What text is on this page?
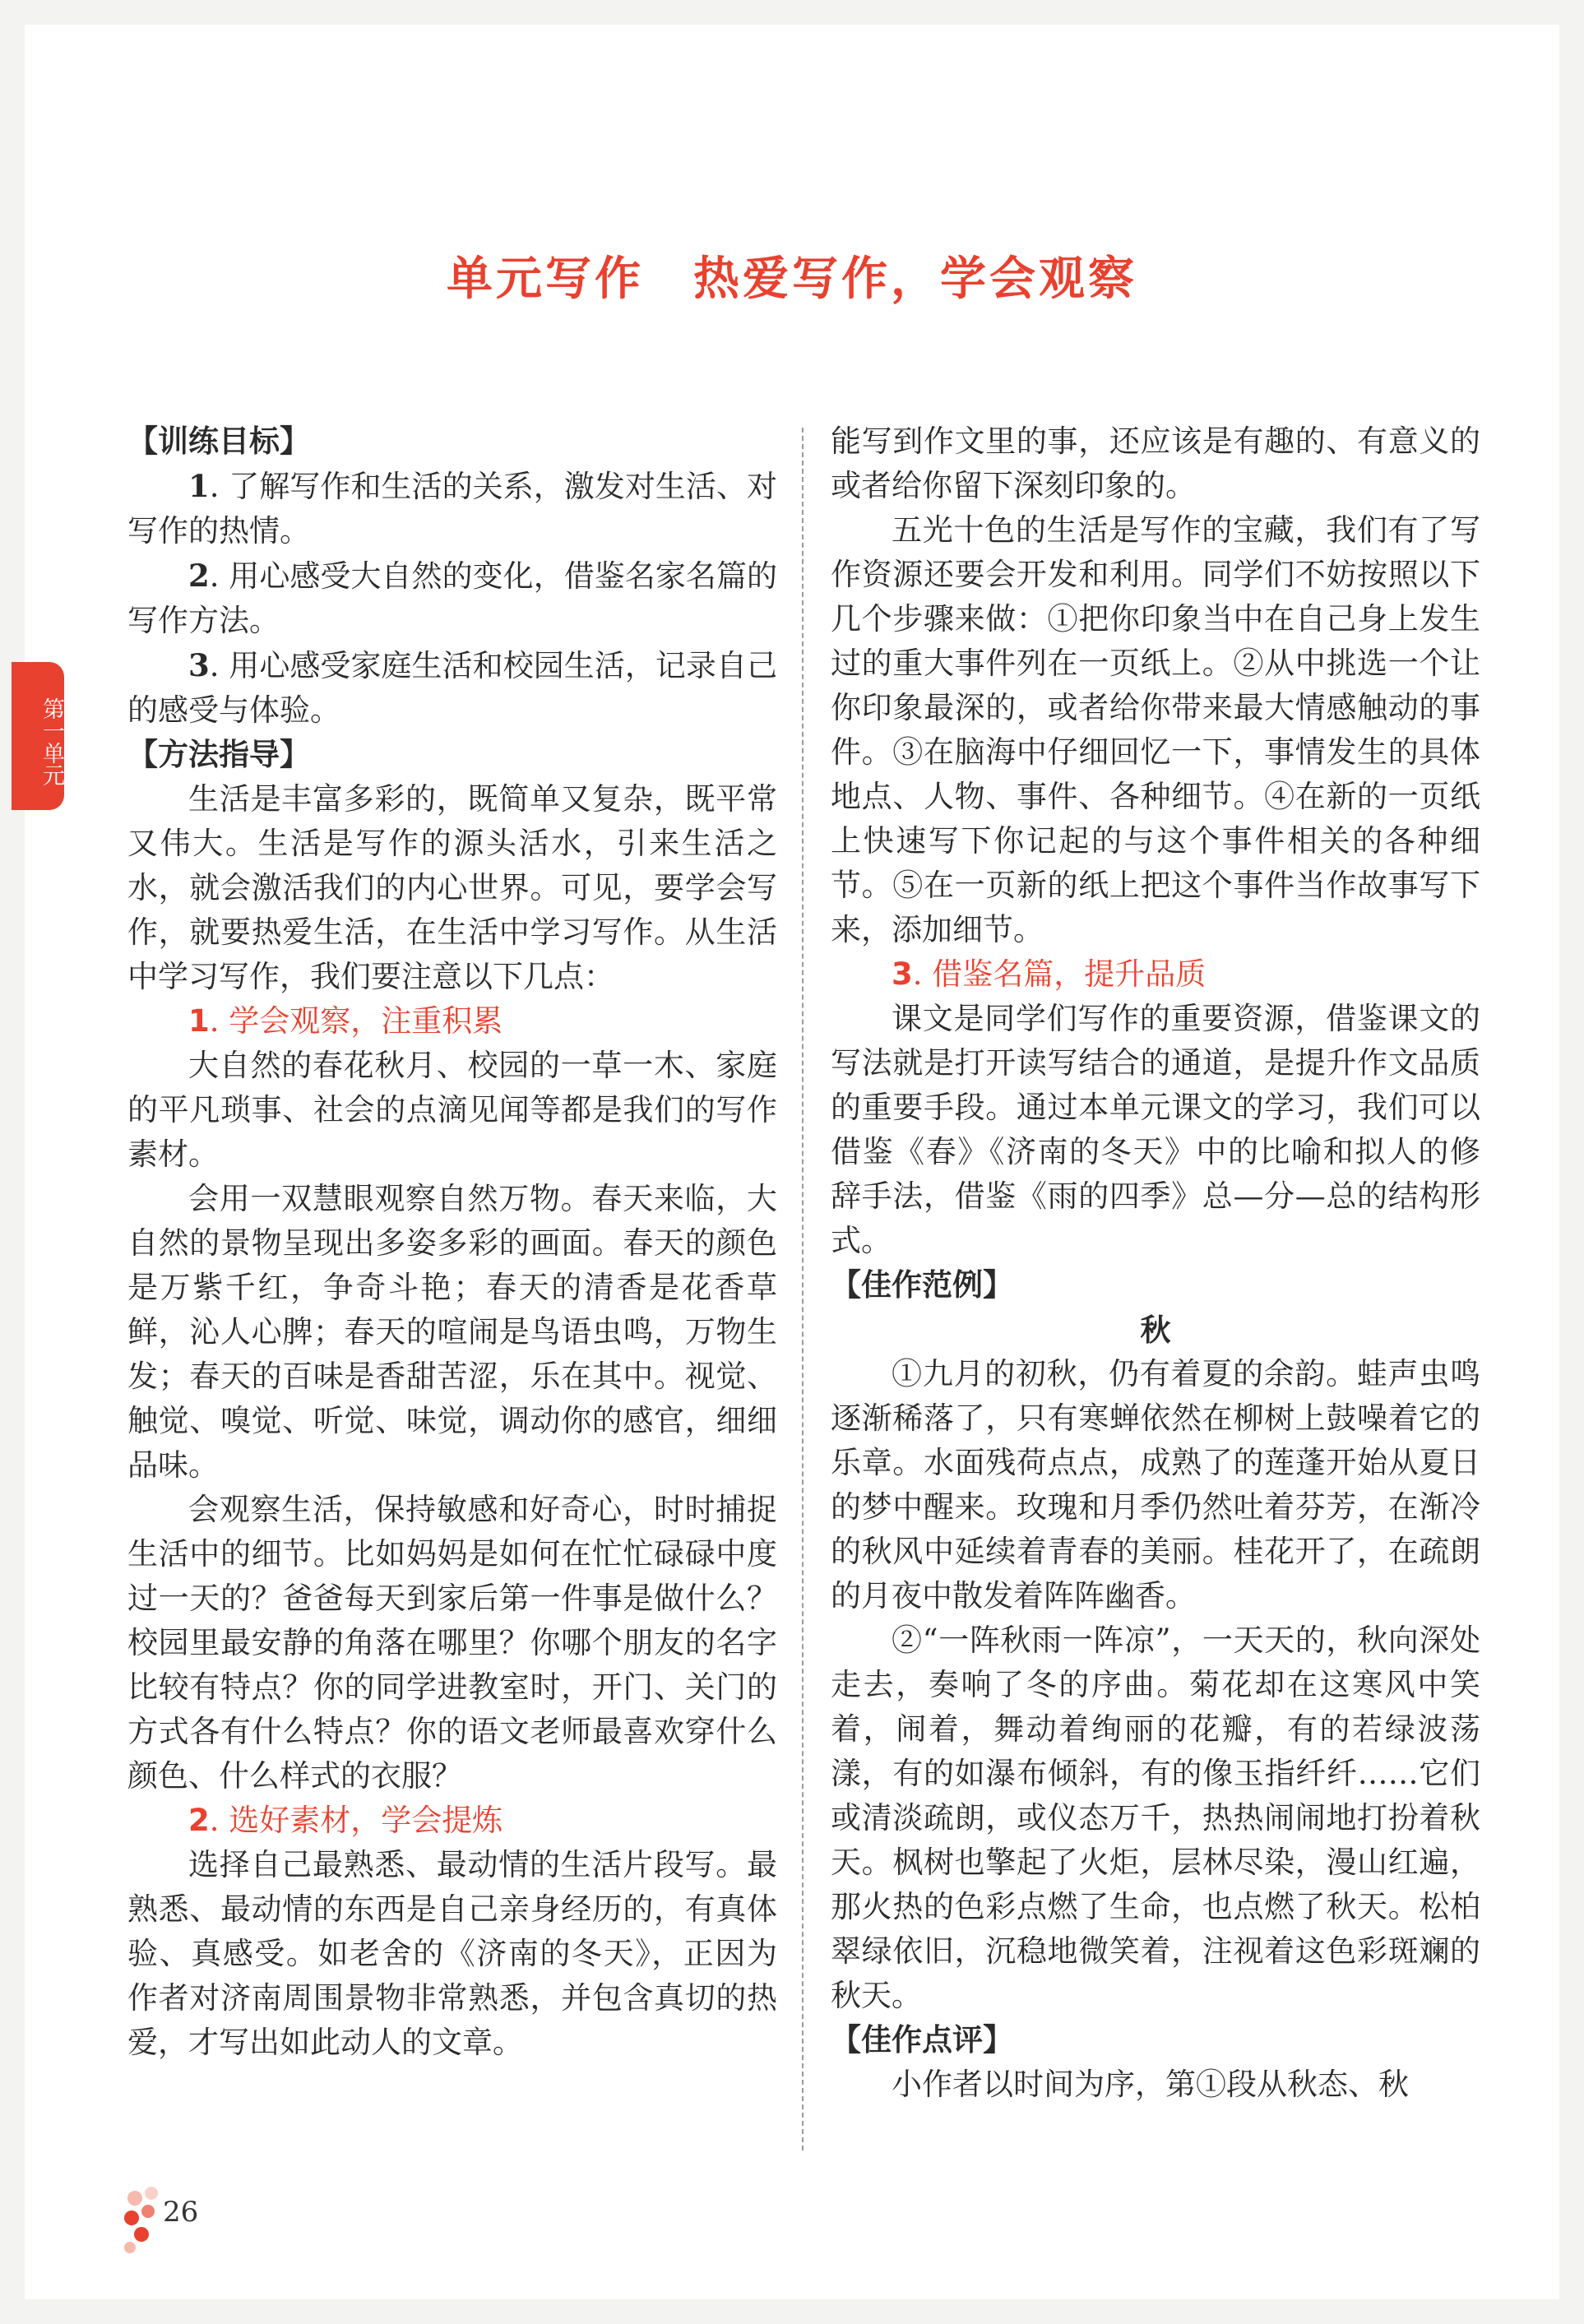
单元写作　热爱写作，学会观察
第一单元

【训练目标】

1. 了解写作和生活的关系，激发对生活、对写作的热情。

2. 用心感受大自然的变化，借鉴名家名篇的写作方法。

3. 用心感受家庭生活和校园生活，记录自己的感受与体验。

【方法指导】

生活是丰富多彩的，既简单又复杂，既平常又伟大。生活是写作的源头活水，引来生活之水，就会激活我们的内心世界。可见，要学会写作，就要热爱生活，在生活中学习写作。从生活中学习写作，我们要注意以下几点：

1. 学会观察，注重积累

大自然的春花秋月、校园的一草一木、家庭的平凡琐事、社会的点滴见闻等都是我们的写作素材。

会用一双慧眼观察自然万物。春天来临，大自然的景物呈现出多姿多彩的画面。春天的颜色是万紫千红，争奇斗艳；春天的清香是花香草鲜，沁人心脾；春天的喧闹是鸟语虫鸣，万物生发；春天的百味是香甜苦涩，乐在其中。视觉、触觉、嗅觉、听觉、味觉，调动你的感官，细细品味。

会观察生活，保持敏感和好奇心，时时捕捉生活中的细节。比如妈妈是如何在忙忙碌碌中度过一天的？爸爸每天到家后第一件事是做什么？校园里最安静的角落在哪里？你哪个朋友的名字比较有特点？你的同学进教室时，开门、关门的方式各有什么特点？你的语文老师最喜欢穿什么颜色、什么样式的衣服？

2. 选好素材，学会提炼

选择自己最熟悉、最动情的生活片段写。最熟悉、最动情的东西是自己亲身经历的，有真体验、真感受。如老舍的《济南的冬天》，正因为作者对济南周围景物非常熟悉，并包含真切的热爱，才写出如此动人的文章。

能写到作文里的事，还应该是有趣的、有意义的或者给你留下深刻印象的。

五光十色的生活是写作的宝藏，我们有了写作资源还要会开发和利用。同学们不妨按照以下几个步骤来做：①把你印象当中在自己身上发生过的重大事件列在一页纸上。②从中挑选一个让你印象最深的，或者给你带来最大情感触动的事件。③在脑海中仔细回忆一下，事情发生的具体地点、人物、事件、各种细节。④在新的一页纸上快速写下你记起的与这个事件相关的各种细节。⑤在一页新的纸上把这个事件当作故事写下来，添加细节。

3. 借鉴名篇，提升品质

课文是同学们写作的重要资源，借鉴课文的写法就是打开读写结合的通道，是提升作文品质的重要手段。通过本单元课文的学习，我们可以借鉴《春》《济南的冬天》中的比喻和拟人的修辞手法，借鉴《雨的四季》总—分—总的结构形式。

【佳作范例】

秋

①九月的初秋，仍有着夏的余韵。蛙声虫鸣逐渐稀落了，只有寒蝉依然在柳树上鼓噪着它的乐章。水面残荷点点，成熟了的莲蓬开始从夏日的梦中醒来。玫瑰和月季仍然吐着芬芳，在渐冷的秋风中延续着青春的美丽。桂花开了，在疏朗的月夜中散发着阵阵幽香。

②“一阵秋雨一阵凉”，一天天的，秋向深处走去，奏响了冬的序曲。菊花却在这寒风中笑着，闹着，舞动着绚丽的花瓣，有的若绿波荡漾，有的如瀑布倾斜，有的像玉指纤纤……它们或清淡疏朗，或仪态万千，热热闹闹地打扮着秋天。枫树也擎起了火炬，层林尽染，漫山红遍，那火热的色彩点燃了生命，也点燃了秋天。松柏翠绿依旧，沉稳地微笑着，注视着这色彩斑斓的秋天。

【佳作点评】

小作者以时间为序，第①段从秋态、秋

26
